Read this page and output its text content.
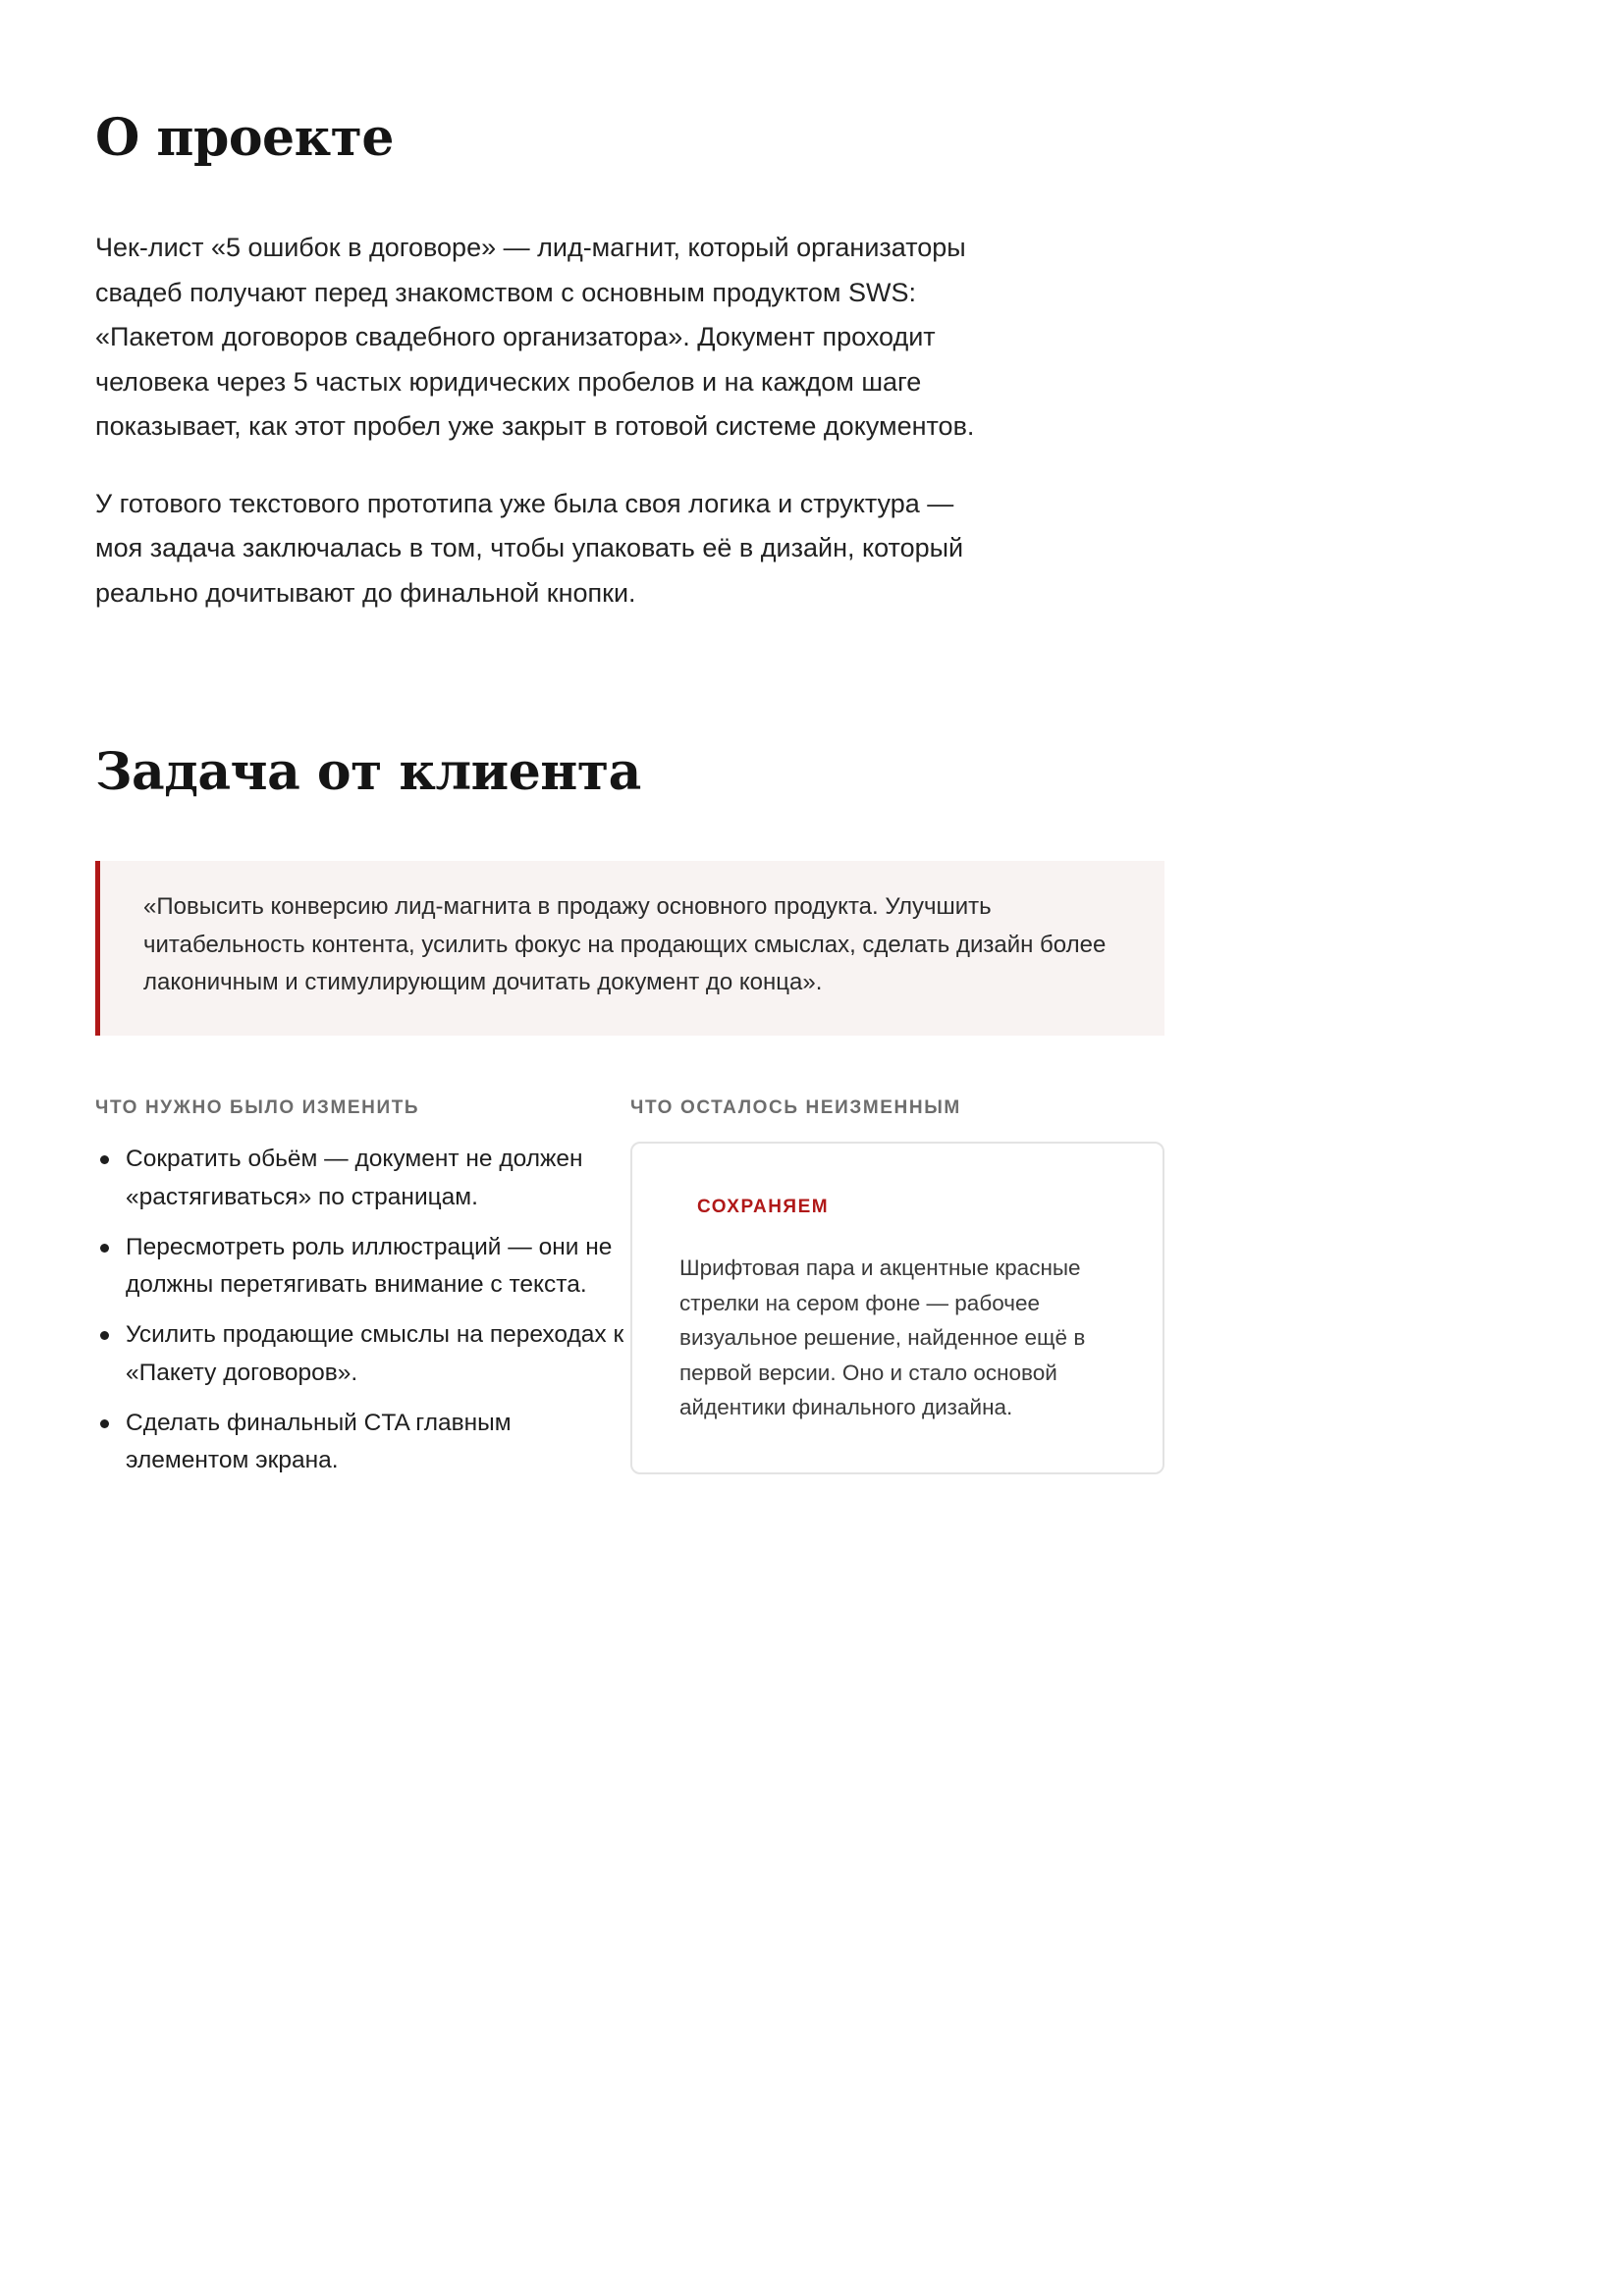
О проекте

Чек-лист «5 ошибок в договоре» — лид-магнит, который организаторы свадеб получают перед знакомством с основным продуктом SWS: «Пакетом договоров свадебного организатора». Документ проходит человека через 5 частых юридических пробелов и на каждом шаге показывает, как этот пробел уже закрыт в готовой системе документов.

У готового текстового прототипа уже была своя логика и структура — моя задача заключалась в том, чтобы упаковать её в дизайн, который реально дочитывают до финальной кнопки.

Задача от клиента
«Повысить конверсию лид-магнита в продажу основного продукта. Улучшить читабельность контента, усилить фокус на продающих смыслах, сделать дизайн более лаконичным и стимулирующим дочитать документ до конца».
ЧТО НУЖНО БЫЛО ИЗМЕНИТЬ	ЧТО ОСТАЛОСЬ НЕИЗМЕННЫМ
Сократить обьём — документ не должен «растягиваться» по страницам.
Пересмотреть роль иллюстраций — они не должны перетягивать внимание с текста.
Усилить продающие смыслы на переходах к «Пакету договоров».
Сделать финальный CTA главным элементом экрана.
СОХРАНЯЕМ
Шрифтовая пара и акцентные красные стрелки на сером фоне — рабочее визуальное решение, найденное ещё в первой версии. Оно и стало основой айдентики финального дизайна.
